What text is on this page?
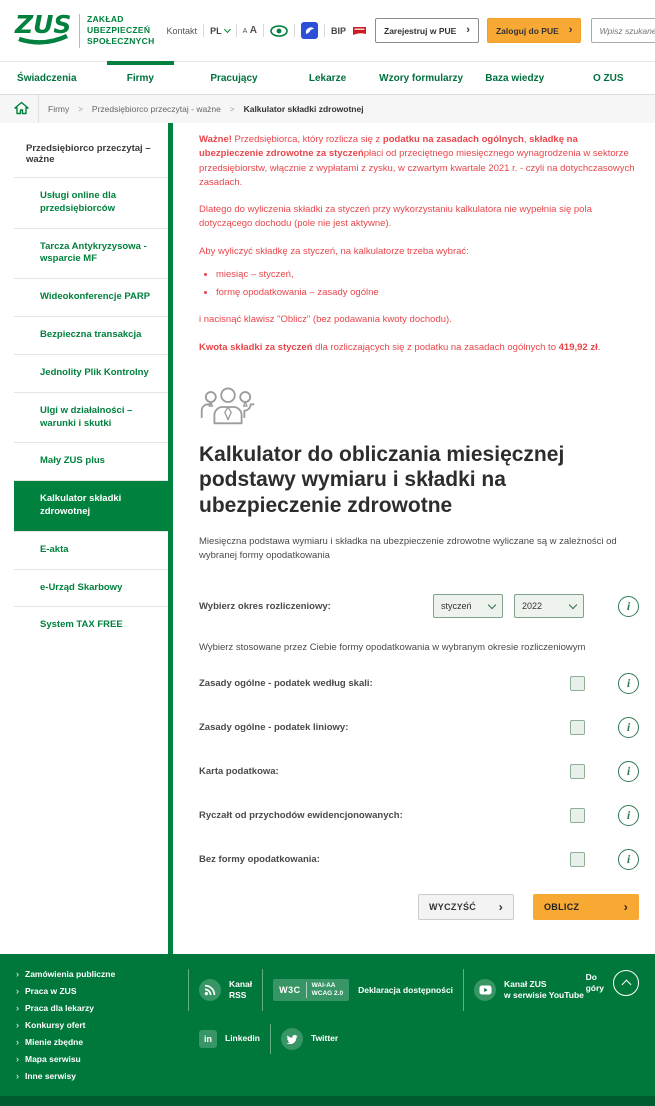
ZUS ZAKŁAD
UBEZPIECZEŃ
SPOŁECZNYCH
Kontakt PL	A A	BIP	Zarejestruj w PUE ›	Zaloguj do PUE ›
Wpisz szukane słowo
Świadczenia	Firmy	Pracujący	Lekarze	Wzory formularzy	Baza wiedzy	O ZUS
Firmy > Przedsiębiorco przeczytaj - ważne > Kalkulator składki zdrowotnej
Przedsiębiorco przeczytaj – ważne
Usługi online dla przedsiębiorców
Tarcza Antykryzysowa - wsparcie MF
Wideokonferencje PARP
Bezpieczna transakcja
Jednolity Plik Kontrolny
Ulgi w działalności – warunki i skutki
Mały ZUS plus
Kalkulator składki zdrowotnej
E-akta
e-Urząd Skarbowy
System TAX FREE

Ważne! Przedsiębiorca, który rozlicza się z podatku na zasadach ogólnych, składkę na ubezpieczenie zdrowotne za styczeńpłaci od przeciętnego miesięcznego wynagrodzenia w sektorze przedsiębiorstw, włącznie z wypłatami z zysku, w czwartym kwartale 2021 r. - czyli na dotychczasowych zasadach.

Dlatego do wyliczenia składki za styczeń przy wykorzystaniu kalkulatora nie wypełnia się pola dotyczącego dochodu (pole nie jest aktywne).

Aby wyliczyć składkę za styczeń, na kalkulatorze trzeba wybrać:

• miesiąc – styczeń,
• formę opodatkowania – zasady ogólne

i nacisnąć klawisz "Oblicz" (bez podawania kwoty dochodu).

Kwota składki za styczeń dla rozliczających się z podatku na zasadach ogólnych to 419,92 zł.

Kalkulator do obliczania miesięcznej podstawy wymiaru i składki na ubezpieczenie zdrowotne

Miesięczna podstawa wymiaru i składka na ubezpieczenie zdrowotne wyliczane są w zależności od wybranej formy opodatkowania

Wybierz okres rozliczeniowy:	styczeń	2022	i

Wybierz stosowane przez Ciebie formy opodatkowania w wybranym okresie rozliczeniowym

Zasady ogólne - podatek według skali:	i
Zasady ogólne - podatek liniowy:	i
Karta podatkowa:	i
Ryczałt od przychodów ewidencjonowanych:	i
Bez formy opodatkowania:	i
WYCZYŚĆ ›	OBLICZ	›
› Zamówienia publiczne
› Praca w ZUS
› Praca dla lekarzy
› Konkursy ofert
› Mienie zbędne
› Mapa serwisu
› Inne serwisy
Kanał
RSS	W3C WAI-AA
WCAG 2.0 Deklaracja dostępności
Kanał ZUS
w serwisie YouTube
in	Linkedin	Twitter
Do
góry
